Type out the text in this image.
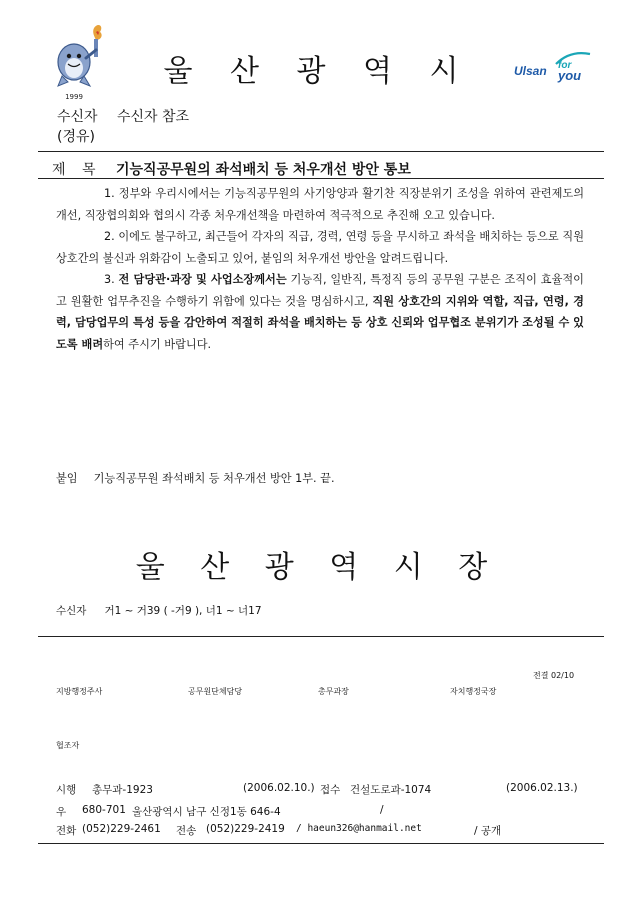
1999
울 산 광 역 시	Ulsan for
you
수신자 수신자 참조
(경유)
제 목 기능직공무원의 좌석배치 등 처우개선 방안 통보

1. 정부와 우리시에서는 기능직공무원의 사기앙양과 활기찬 직장분위기 조성을 위하여 관련제도의 개선, 직장협의회와 협의시 각종 처우개선책을 마련하여 적극적으로 추진해 오고 있습니다.

2. 이에도 불구하고, 최근들어 각자의 직급, 경력, 연령 등을 무시하고 좌석을 배치하는 등으로 직원 상호간의 불신과 위화감이 노출되고 있어, 붙임의 처우개선 방안을 알려드립니다.

3. 전 담당관·과장 및 사업소장께서는 기능직, 일반직, 특정직 등의 공무원 구분은 조직이 효율적이고 원활한 업무추진을 수행하기 위함에 있다는 것을 명심하시고, 직원 상호간의 지위와 역할, 직급, 연령, 경력, 담당업무의 특성 등을 감안하여 적절히 좌석을 배치하는 등 상호 신뢰와 업무협조 분위기가 조성될 수 있도록 배려하여 주시기 바랍니다.

붙임 기능직공무원 좌석배치 등 처우개선 방안 1부. 끝.
울 산 광 역 시 장
수신자 거1 ~ 거39 ( -거9 ), 너1 ~ 너17
전결 02/10
지방행정주사	공무원단체담당	총무과장	자치행정국장
협조자
시행 총무과-1923	(2006.02.10.) 접수 건설도로과-1074	(2006.02.13.)
우 680-701 울산광역시 남구 신정1동 646-4	/
전화 (052)229-2461 전송 (052)229-2419 / haeun326@hanmail.net	/ 공개
